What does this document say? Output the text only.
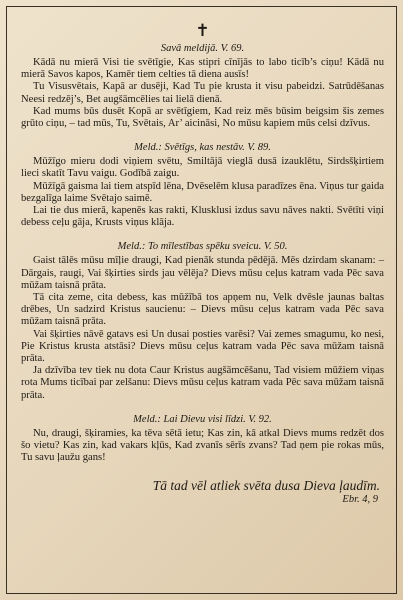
✝
Savā meldijā. V. 69.

Kādā nu mierā Visi tie svētīgie, Kas stipri cīnījās to labo ticīb’s ciņu! Kādā nu mierā Savos kapos, Kamēr tiem celties tā diena ausīs!

Tu Visusvētais, Kapā ar dusēji, Kad Tu pie krusta it visu pabeidzi. Satrūdēšanas Neesi redzēj’s, Bet augšāmcēlies tai lielā dienā.

Kad mums būs dusēt Kopā ar svētīgiem, Kad reiz mēs būsim beigsim šis zemes grūto ciņu, – tad mūs, Tu, Svētais, Ar’ aicināsi, No mūsu kapiem mūs celsi dzīvus.

Meld.: Svētīgs, kas nestāv. V. 89.

Mūžīgo mieru dodi viņiem svētu, Smiltājā vieglā dusā izauklētu, Sirdsšķirtiem lieci skatīt Tavu vaigu. Godībā zaigu.

Mūžīgā gaisma lai tiem atspīd lēna, Dvēselēm klusa paradīzes ēna. Viņus tur gaida bezgalīga laime Svētajo saimē.

Lai tie dus mierā, kapenēs kas rakti, Klusklusi izdus savu nāves nakti. Svētīti viņi debess ceļu gāja, Krusts viņus klāja.

Meld.: To mīlestības spēku sveicu. V. 50.

Gaist tālēs mūsu mīļie draugi, Kad pienāk stunda pēdējā. Mēs dzirdam skanam: – Dārgais, raugi, Vai šķirties sirds jau vēlēja? Dievs mūsu ceļus katram vada Pēc sava mūžam taisnā prāta.

Tā cita zeme, cita debess, kas mūžībā tos apņem nu, Velk dvēsle jaunas baltas drēbes, Un sadzird Kristus saucienu: – Dievs mūsu ceļus katram vada Pēc sava mūžam taisnā prāta.

Vai šķirties nāvē gatavs esi Un dusai posties varēsi? Vai zemes smagumu, ko nesi, Pie Kristus krusta atstāsi? Dievs mūsu ceļus katram vada Pēc sava mūžam taisnā prāta.

Ja dzīvība tev tiek nu dota Caur Kristus augšāmcēšanu, Tad visiem mūžiem viņas rota Mums ticībai par zelšanu: Dievs mūsu ceļus katram vada Pēc sava mūžam taisnā prāta.

Meld.: Lai Dievu visi līdzi. V. 92.

Nu, draugi, šķiramies, ka tēva sētā ietu; Kas zin, kā atkal Dievs mums redzēt dos šo vietu? Kas zin, kad vakars kļūs, Kad zvanīs sērīs zvans? Tad ņem pie rokas mūs, Tu savu ļaužu gans!

Tā tad vēl atliek svēta dusa Dieva ļaudīm.
Ebr. 4, 9
